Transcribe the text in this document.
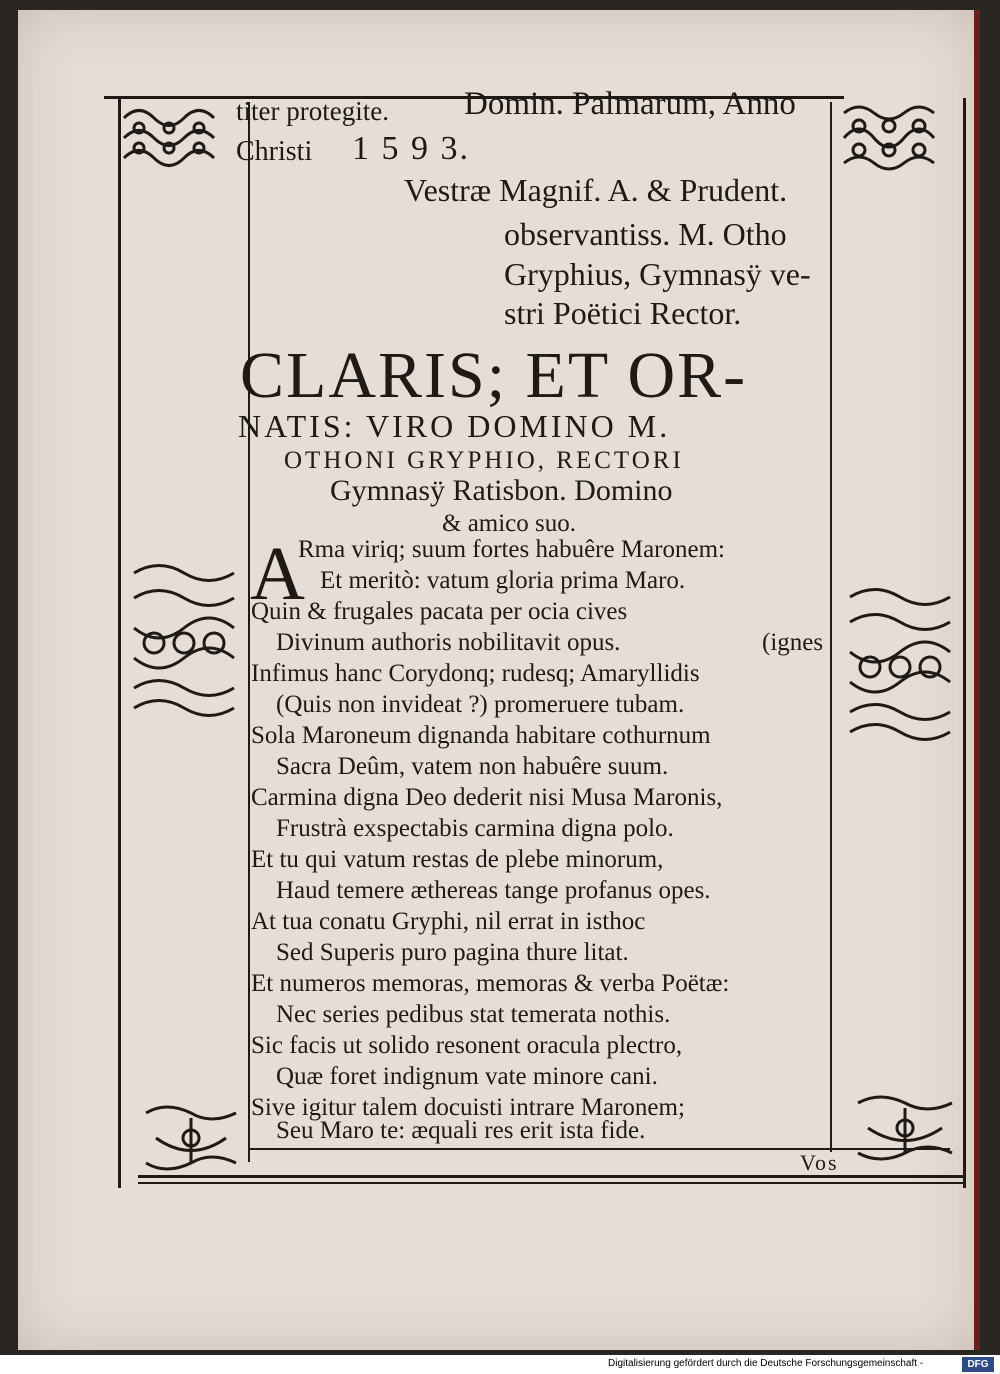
titer protegite. Domin. Palmarum, Anno
Christi 1 5 9 3.
Vestræ Magnif. A. & Prudent.
observantiss. M. Otho
Gryphius, Gymnasÿ ve-
stri Poëtici Rector.
CLARIS; ET OR-
NATIS: VIRO DOMINO M.
OTHONI GRYPHIO, RECTORI
Gymnasÿ Ratisbon. Domino
& amico suo.
A
Rma viriq; suum fortes habuêre Maronem:
Et meritò: vatum gloria prima Maro.
Quin & frugales pacata per ocia cives
Divinum authoris nobilitavit opus.	(ignes
Infimus hanc Corydonq; rudesq; Amaryllidis
(Quis non invideat ?) promeruere tubam.
Sola Maroneum dignanda habitare cothurnum
Sacra Deûm, vatem non habuêre suum.
Carmina digna Deo dederit nisi Musa Maronis,
Frustrà exspectabis carmina digna polo.
Et tu qui vatum restas de plebe minorum,
Haud temere æthereas tange profanus opes.
At tua conatu Gryphi, nil errat in isthoc
Sed Superis puro pagina thure litat.
Et numeros memoras, memoras & verba Poëtæ:
Nec series pedibus stat temerata nothis.
Sic facis ut solido resonent oracula plectro,
Quæ foret indignum vate minore cani.
Sive igitur talem docuisti intrare Maronem;
Seu Maro te: æquali res erit ista fide.
Vos
Digitalisierung gefördert durch die Deutsche Forschungsgemeinschaft -	DFG
